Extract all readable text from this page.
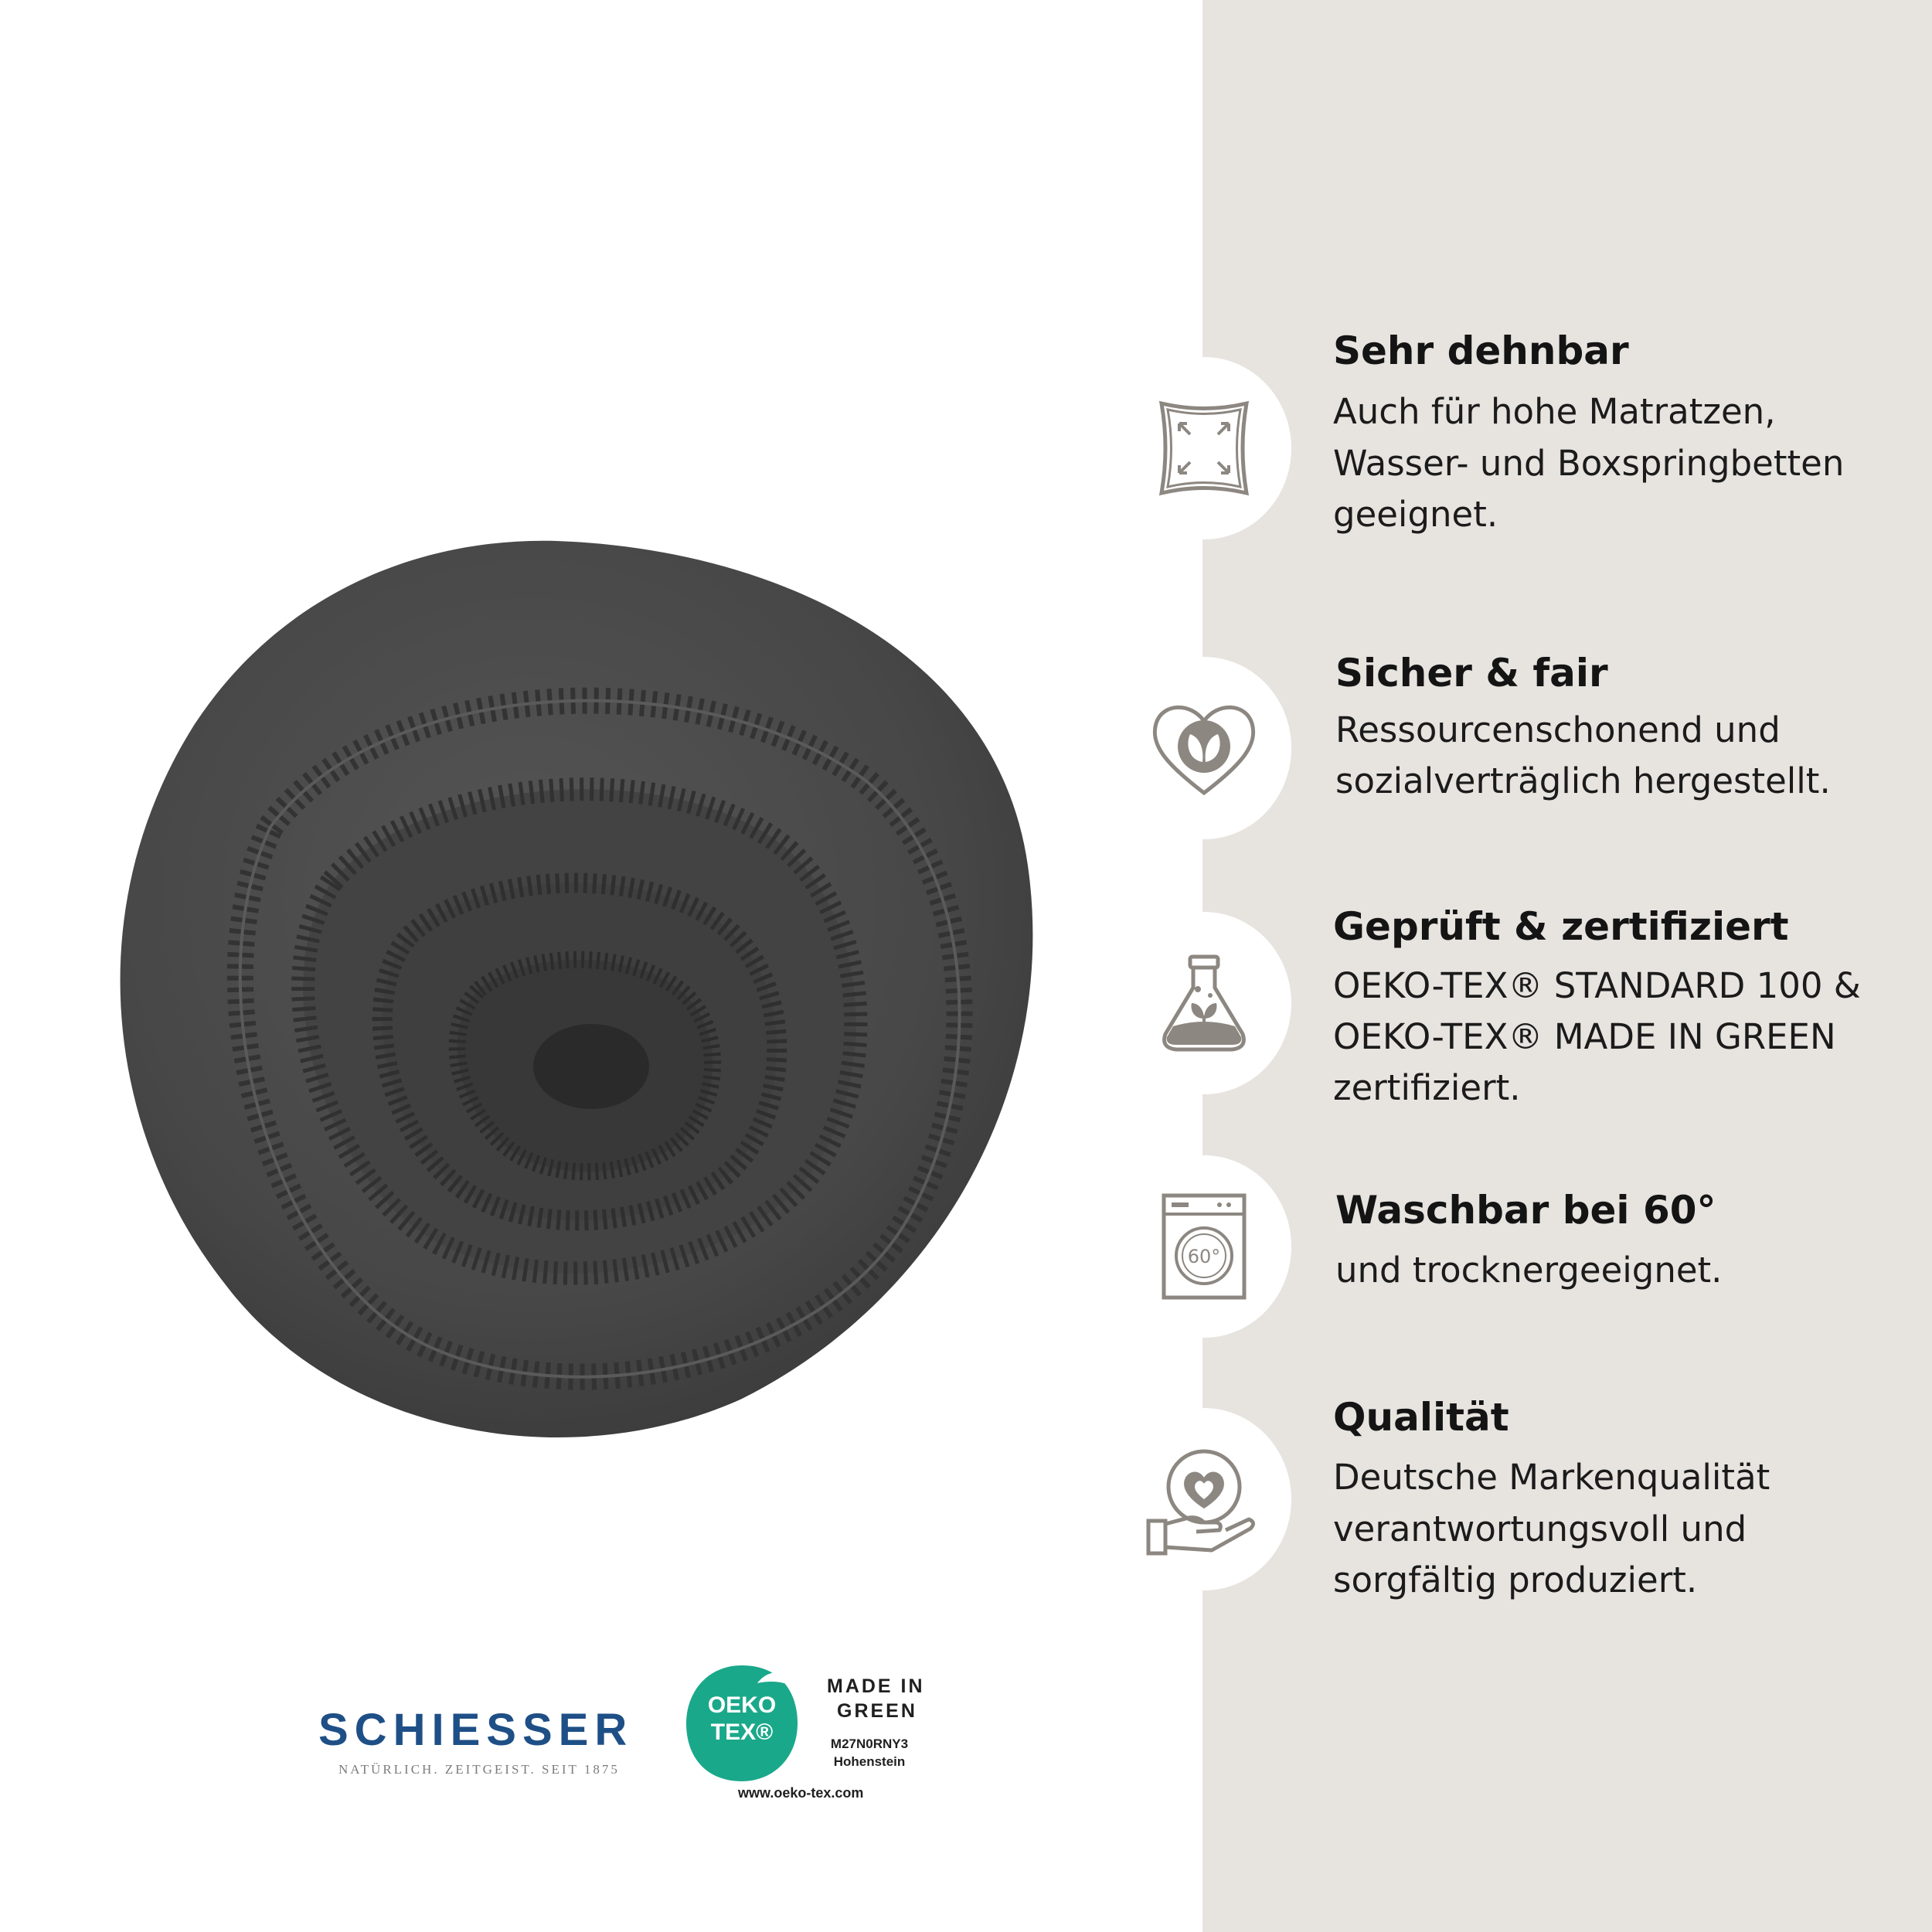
Sehr dehnbar
Auch für hohe Matratzen,
Wasser- und Boxspringbetten
geeignet.
Sicher & fair
Ressourcenschonend und
sozialverträglich hergestellt.
Geprüft & zertifiziert
OEKO-TEX® STANDARD 100 &
OEKO-TEX® MADE IN GREEN
zertifiziert.
60°
Waschbar bei 60°
und trocknergeeignet.
Qualität
Deutsche Markenqualität
verantwortungsvoll und
sorgfältig produziert.
SCHIESSER
NATÜRLICH. ZEITGEIST. SEIT 1875
OEKO
TEX®
MADE IN
GREEN
M27N0RNY3
Hohenstein
www.oeko-tex.com
